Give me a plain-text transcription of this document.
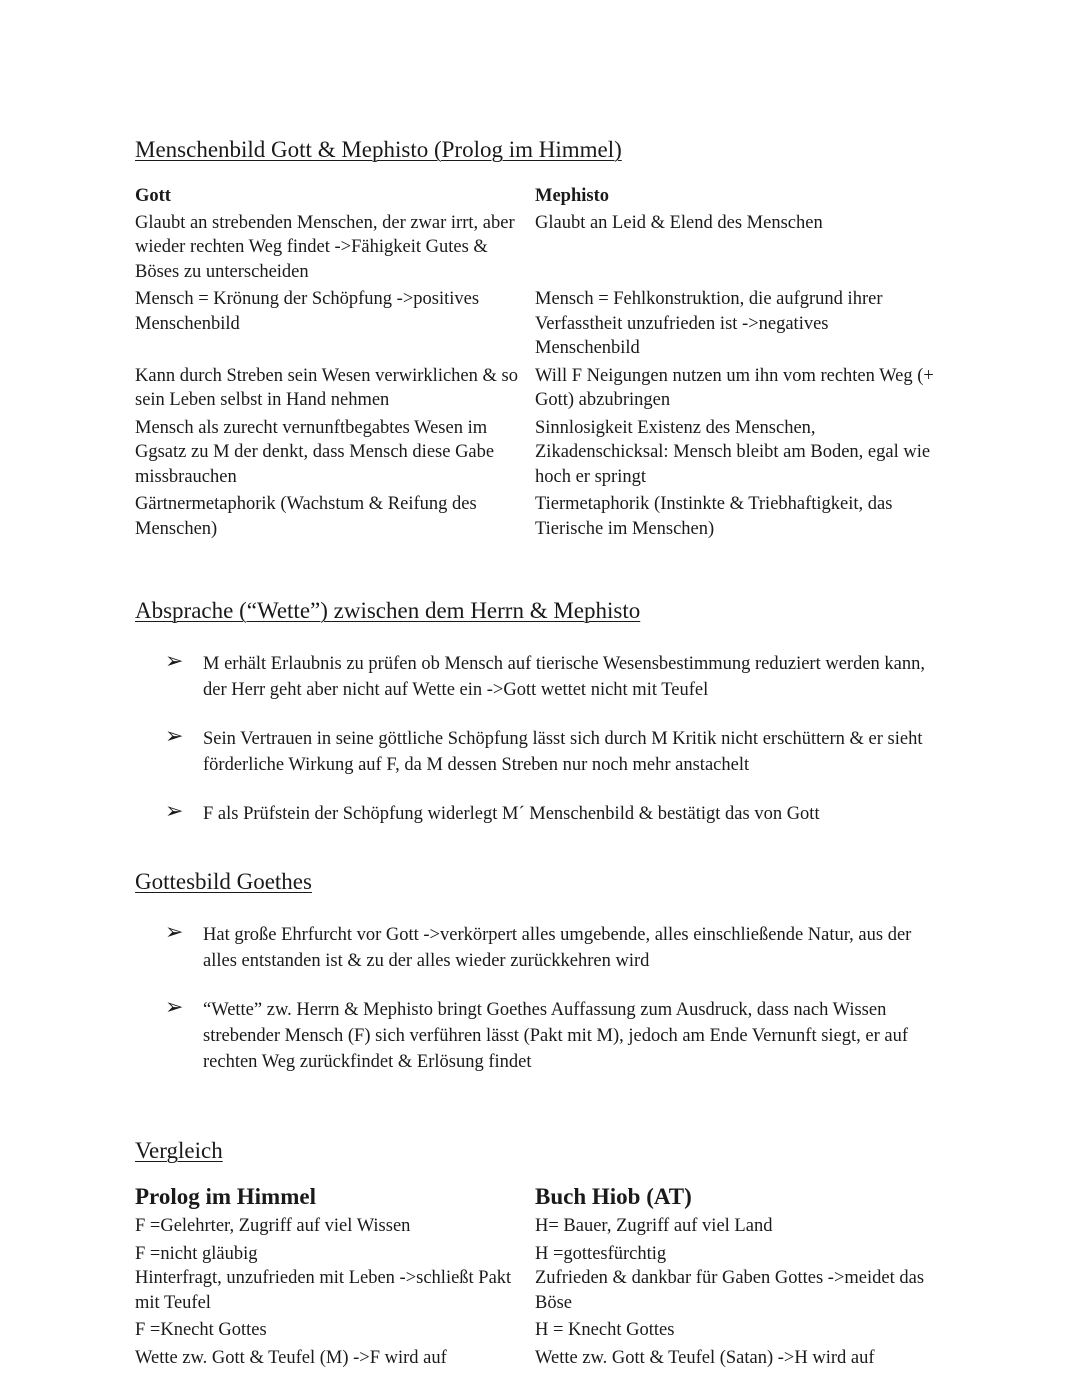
Menschenbild Gott & Mephisto (Prolog im Himmel)
Gott	Mephisto
Glaubt an strebenden Menschen, der zwar irrt, aber wieder rechten Weg findet ->Fähigkeit Gutes & Böses zu unterscheiden	Glaubt an Leid & Elend des Menschen
Mensch = Krönung der Schöpfung ->positives Menschenbild	Mensch = Fehlkonstruktion, die aufgrund ihrer Verfasstheit unzufrieden ist ->negatives Menschenbild
Kann durch Streben sein Wesen verwirklichen & so sein Leben selbst in Hand nehmen	Will F Neigungen nutzen um ihn vom rechten Weg (+ Gott) abzubringen
Mensch als zurecht vernunftbegabtes Wesen im Ggsatz zu M der denkt, dass Mensch diese Gabe missbrauchen	Sinnlosigkeit Existenz des Menschen, Zikadenschicksal: Mensch bleibt am Boden, egal wie hoch er springt
Gärtnermetaphorik (Wachstum & Reifung des Menschen)	Tiermetaphorik (Instinkte & Triebhaftigkeit, das Tierische im Menschen)
Absprache (“Wette”) zwischen dem Herrn & Mephisto
➢ M erhält Erlaubnis zu prüfen ob Mensch auf tierische Wesensbestimmung reduziert werden kann, der Herr geht aber nicht auf Wette ein ->Gott wettet nicht mit Teufel
➢ Sein Vertrauen in seine göttliche Schöpfung lässt sich durch M Kritik nicht erschüttern & er sieht förderliche Wirkung auf F, da M dessen Streben nur noch mehr anstachelt
➢ F als Prüfstein der Schöpfung widerlegt M´ Menschenbild & bestätigt das von Gott
Gottesbild Goethes
➢ Hat große Ehrfurcht vor Gott ->verkörpert alles umgebende, alles einschließende Natur, aus der alles entstanden ist & zu der alles wieder zurückkehren wird
➢ “Wette” zw. Herrn & Mephisto bringt Goethes Auffassung zum Ausdruck, dass nach Wissen strebender Mensch (F) sich verführen lässt (Pakt mit M), jedoch am Ende Vernunft siegt, er auf rechten Weg zurückfindet & Erlösung findet
Vergleich
Prolog im Himmel	Buch Hiob (AT)
F =Gelehrter, Zugriff auf viel Wissen	H= Bauer, Zugriff auf viel Land
F =nicht gläubig	H =gottesfürchtig
Hinterfragt, unzufrieden mit Leben ->schließt Pakt mit Teufel	Zufrieden & dankbar für Gaben Gottes ->meidet das Böse
F =Knecht Gottes	H = Knecht Gottes
Wette zw. Gott & Teufel (M) ->F wird auf	Wette zw. Gott & Teufel (Satan) ->H wird auf
